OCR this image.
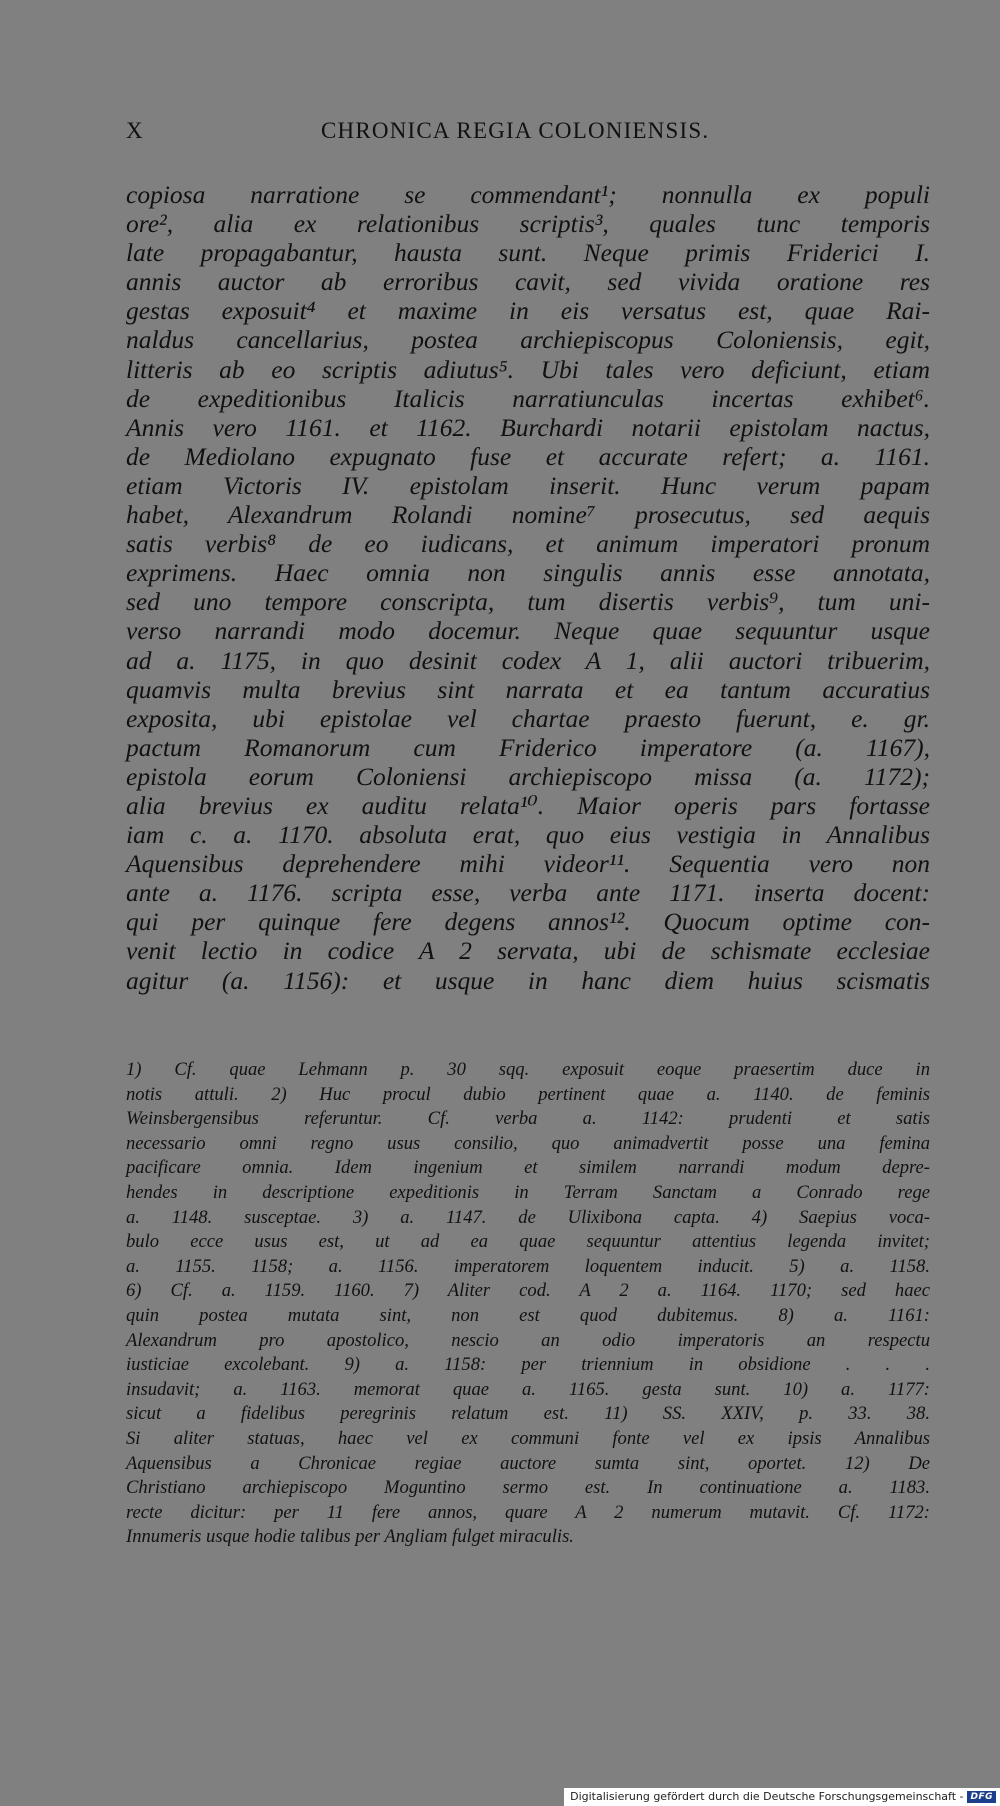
X	CHRONICA REGIA COLONIENSIS.
copiosa narratione se commendant¹; nonnulla ex populi
ore², alia ex relationibus scriptis³, quales tunc temporis
late propagabantur, hausta sunt. Neque primis Friderici I.
annis auctor ab erroribus cavit, sed vivida oratione res
gestas exposuit⁴ et maxime in eis versatus est, quae Rai-
naldus cancellarius, postea archiepiscopus Coloniensis, egit,
litteris ab eo scriptis adiutus⁵. Ubi tales vero deficiunt, etiam
de expeditionibus Italicis narratiunculas incertas exhibet⁶.
Annis vero 1161. et 1162. Burchardi notarii epistolam nactus,
de Mediolano expugnato fuse et accurate refert; a. 1161.
etiam Victoris IV. epistolam inserit. Hunc verum papam
habet, Alexandrum Rolandi nomine⁷ prosecutus, sed aequis
satis verbis⁸ de eo iudicans, et animum imperatori pronum
exprimens. Haec omnia non singulis annis esse annotata,
sed uno tempore conscripta, tum disertis verbis⁹, tum uni-
verso narrandi modo docemur. Neque quae sequuntur usque
ad a. 1175, in quo desinit codex A 1, alii auctori tribuerim,
quamvis multa brevius sint narrata et ea tantum accuratius
exposita, ubi epistolae vel chartae praesto fuerunt, e. gr.
pactum Romanorum cum Friderico imperatore (a. 1167),
epistola eorum Coloniensi archiepiscopo missa (a. 1172);
alia brevius ex auditu relata¹⁰. Maior operis pars fortasse
iam c. a. 1170. absoluta erat, quo eius vestigia in Annalibus
Aquensibus deprehendere mihi videor¹¹. Sequentia vero non
ante a. 1176. scripta esse, verba ante 1171. inserta docent:
qui per quinque fere degens annos¹². Quocum optime con-
venit lectio in codice A 2 servata, ubi de schismate ecclesiae
agitur (a. 1156): et usque in hanc diem huius scismatis
1) Cf. quae Lehmann p. 30 sqq. exposuit eoque praesertim duce in
notis attuli. 2) Huc procul dubio pertinent quae a. 1140. de feminis
Weinsbergensibus referuntur. Cf. verba a. 1142: prudenti et satis
necessario omni regno usus consilio, quo animadvertit posse una femina
pacificare omnia. Idem ingenium et similem narrandi modum depre-
hendes in descriptione expeditionis in Terram Sanctam a Conrado rege
a. 1148. susceptae. 3) a. 1147. de Ulixibona capta. 4) Saepius voca-
bulo ecce usus est, ut ad ea quae sequuntur attentius legenda invitet;
a. 1155. 1158; a. 1156. imperatorem loquentem inducit. 5) a. 1158.
6) Cf. a. 1159. 1160. 7) Aliter cod. A 2 a. 1164. 1170; sed haec
quin postea mutata sint, non est quod dubitemus. 8) a. 1161:
Alexandrum pro apostolico, nescio an odio imperatoris an respectu
iusticiae excolebant. 9) a. 1158: per triennium in obsidione . . .
insudavit; a. 1163. memorat quae a. 1165. gesta sunt. 10) a. 1177:
sicut a fidelibus peregrinis relatum est. 11) SS. XXIV, p. 33. 38.
Si aliter statuas, haec vel ex communi fonte vel ex ipsis Annalibus
Aquensibus a Chronicae regiae auctore sumta sint, oportet. 12) De
Christiano archiepiscopo Moguntino sermo est. In continuatione a. 1183.
recte dicitur: per 11 fere annos, quare A 2 numerum mutavit. Cf. 1172:
Innumeris usque hodie talibus per Angliam fulget miraculis.
Digitalisierung gefördert durch die Deutsche Forschungsgemeinschaft - DFG
